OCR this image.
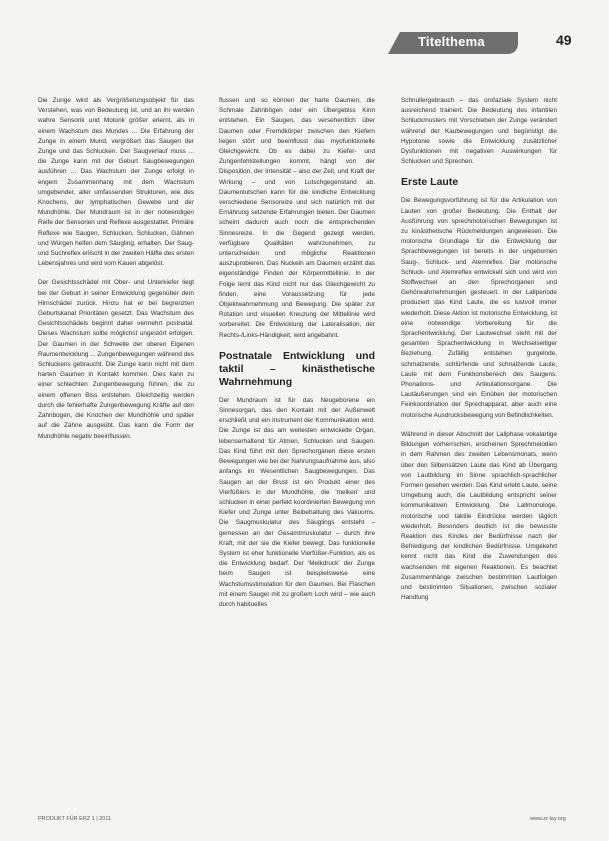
Titelthema	49

Die Zunge wird als Vergrößerungsobjekt für das Verstehen, was von Bedeutung ist, und an ihr werden wahre Sensorik und Motorik größer erlernt, als in einem Wachstum des Mundes ... Die Erfahrung der Zunge in einem Mund, vergrößert das Saugen der Zunge und das Schlucken. Der Saugverlauf muss ... die Zunge kann mit der Geburt Saugbewegungen ausführen ... Das Wachstum der Zunge erfolgt in engem Zusammenhang mit dem Wachstum umgebender, aller umfassenden Strukturen, wie des Knochens, der lymphatischen Gewebe und der Mundhöhle. Der Mundraum ist in der notwendigen Reife der Sensorien und Reflexe ausgestattet. Primäre Reflexe wie Saugen, Schlucken, Schlucken, Gähnen und Würgen helfen dem Säugling, erhalten. Der Saug- und Suchreflex erlischt in der zweiten Hälfte des ersten Lebensjahres und wird vom Kauen abgelöst.

Der Gesichtsschädel mit Ober- und Unterkiefer liegt bei der Geburt in seiner Entwicklung gegenüber dem Hirnschädel zurück. Hinzu hat er bei begrenzten Geburtskanal Prioritäten gesetzt. Das Wachstum des Gesichtsschädels beginnt daher vermehrt postnatal. Dieses Wachstum sollte möglichst ungestört erfolgen. Der Gaumen in der Schwelle der oberen Eigenen Raumentwicklung ... Zungenbewegungen während des Schluckens gebraucht. Die Zunge kann nicht mit dem harten Gaumen in Kontakt kommen. Dies kann zu einer schlechten Zungenbewegung führen, die zu einem offenen Biss entstehen. Gleichzeitig werden durch die fehlerhafte Zungenbewegung Kräfte auf den Zahnbogen, die Knochen der Mundhöhle und später auf die Zähne ausgeübt. Das kann die Form der Mundhöhle negativ beeinflussen.

flussen und so können der harte Gaumen, die Schmale Zahnbögen oder ein Übergebiss Kinn entstehen. Ein Saugen, das versehentlich über Daumen oder Fremdkörper zwischen den Kiefern liegen stört und beeinflusst das myofunktionelle Gleichgewicht. Ob es dabei zu Kiefer- und Zungenfehlstellungen kommt, hängt von der Disposition, der Intensität – also der Zeit, und Kraft der Wirkung – und von Lutschgegenstand ab. Daumenlutschen kann für die kindliche Entwicklung verschiedene Sensoreize und sich natürlich mit der Ernährung setzende Erfahrungen bieten. Der Daumen scheint dadurch auch noch die entsprechenden Sinnesreize. In die Gegend gezeigt werden, verfügbare Qualitäten wahrzunehmen, zu unterscheiden und mögliche Reaktionen auszuprobieren. Das Nuckeln am Daumen erzählt das eigenständige Finden der Körpermittellinie. In der Folge lernt das Kind nicht nur das Gleichgewicht zu finden, eine Voraussetzung für jede Objektwahrnehmung und Bewegung. Die später zur Rotation und visuellen Kreuzung der Mittellinie wird vorbereitet. Die Entwicklung der Lateralisation, der Rechts-/Links-Händigkeit, wird angebahnt.

Postnatale Entwicklung und taktil – kinästhetische Wahrnehmung

Der Mundraum ist für das Neugeborene ein Sinnesorgan, das den Kontakt mit der Außenwelt erschließt und ein Instrument der Kommunikation wird. Die Zunge ist das am weitesten entwickelte Organ, lebenserhaltend für Atmen, Schlucken und Saugen. Das Kind führt mit den Sprechorganen diese ersten Bewegungen wie bei der Nahrungsaufnahme aus, also anfangs im Wesentlichen Saugbewegungen. Das Saugen an der Brust ist ein Produkt einer des Vierfüßlers in der Mundhöhle, die 'melken' und schlucken in einer perfekt koordinierten Bewegung von Kiefer und Zunge unter Beibehaltung des Vakuums. Die Saugmuskulatur des Säuglings entsteht – gemessen an der Gesamtmuskulatur – durch ihre Kraft, mit der sie die Kiefer bewegt. Das funktionelle System ist eher funktionelle Vierfüßer-Funktion, als es die Entwicklung bedarf. Der 'Melkdruck' der Zunge beim Saugen ist beispielsweise eine Wachstumsstimulation für den Gaumen. Bei Flaschen mit einem Sauger mit zu großem Loch wird – wie auch durch habituelles

Schnullergebrauch – das orofaziale System nicht ausreichend trainiert. Die Bedeutung des infantilen Schluckmusters mit Vorschieben der Zunge verändert während der Kaubewegungen und begünstigt die Hypotonie sowie die Entwicklung zusätzlicher Dysfunktionen mit negativen Auswirkungen für Schlucken und Sprechen.

Erste Laute

Die Bewegungsvorführung ist für die Artikulation von Lauten von großer Bedeutung. Die Enthalt der Ausführung von sprechmotorischen Bewegungen ist zu kinästhetische Rückmeldungen angewiesen. Die motorische Grundlage für die Entwicklung der Sprachbewegungen ist bereits in der ungebornen Saug-, Schluck- und Atemreflex. Der motorische Schluck- und Atemreflex entwickelt sich und wird von Stoffwechsel an den Sprechorganen und Gehörwahrnehmungen gesteuert. In der Lallperiode produziert das Kind Laute, die es lustvoll immer wiederholt. Diese Aktion ist motorische Entwicklung, ist eine notwendige Vorbereitung für die Sprachentwicklung. Der Lautwechsel steht mit der gesamten Sprachentwicklung in Wechselseitiger Beziehung. Zufällig entstehen gurgelnde, schmatzende, schlürfende und schnalzende Laute, Laute mit dem Funktionsbereich des Saugens. Phonations- und Artikulationsorgane. Die Lautäußerungen sind ein Einüben der motorischen Feinkoordination der Sprechapparat, aber auch eine motorische Ausdrucksbewegung von Befindlichkeiten.

Während in dieser Abschnitt der Lallphase vokalartige Bildungen vorherrschen, erscheinen Sprechmelodien in dem Rahmen des zweiten Lebensmonats, wenn über den Silbensätzen Laute das Kind ab Übergang von Lautbildung im Sinne sprachlich-sprachlicher Formen gesehen werden. Das Kind erlebt Laute, seine Umgebung auch, die Lautbildung entspricht seiner kommunikativen Entwicklung. Die Lallmonologe, motorische und taktile Eindrücke werden täglich wiederholt. Besonders deutlich ist die bewusste Reaktion des Kindes der Bedürfnisse nach der Befriedigung der kindlichen Bedürfnisse. Umgekehrt kennt nicht das Kind die Zuwendungen des wachsenden mit eigenen Reaktionen. Es beachtet Zusammenhänge zwischen bestimmten Lautfolgen und bestimmten Situationen, zwischen sozialer Handlung

PRODUKT FÜR ERZ 1 | 2011	www.zr-lay.org
